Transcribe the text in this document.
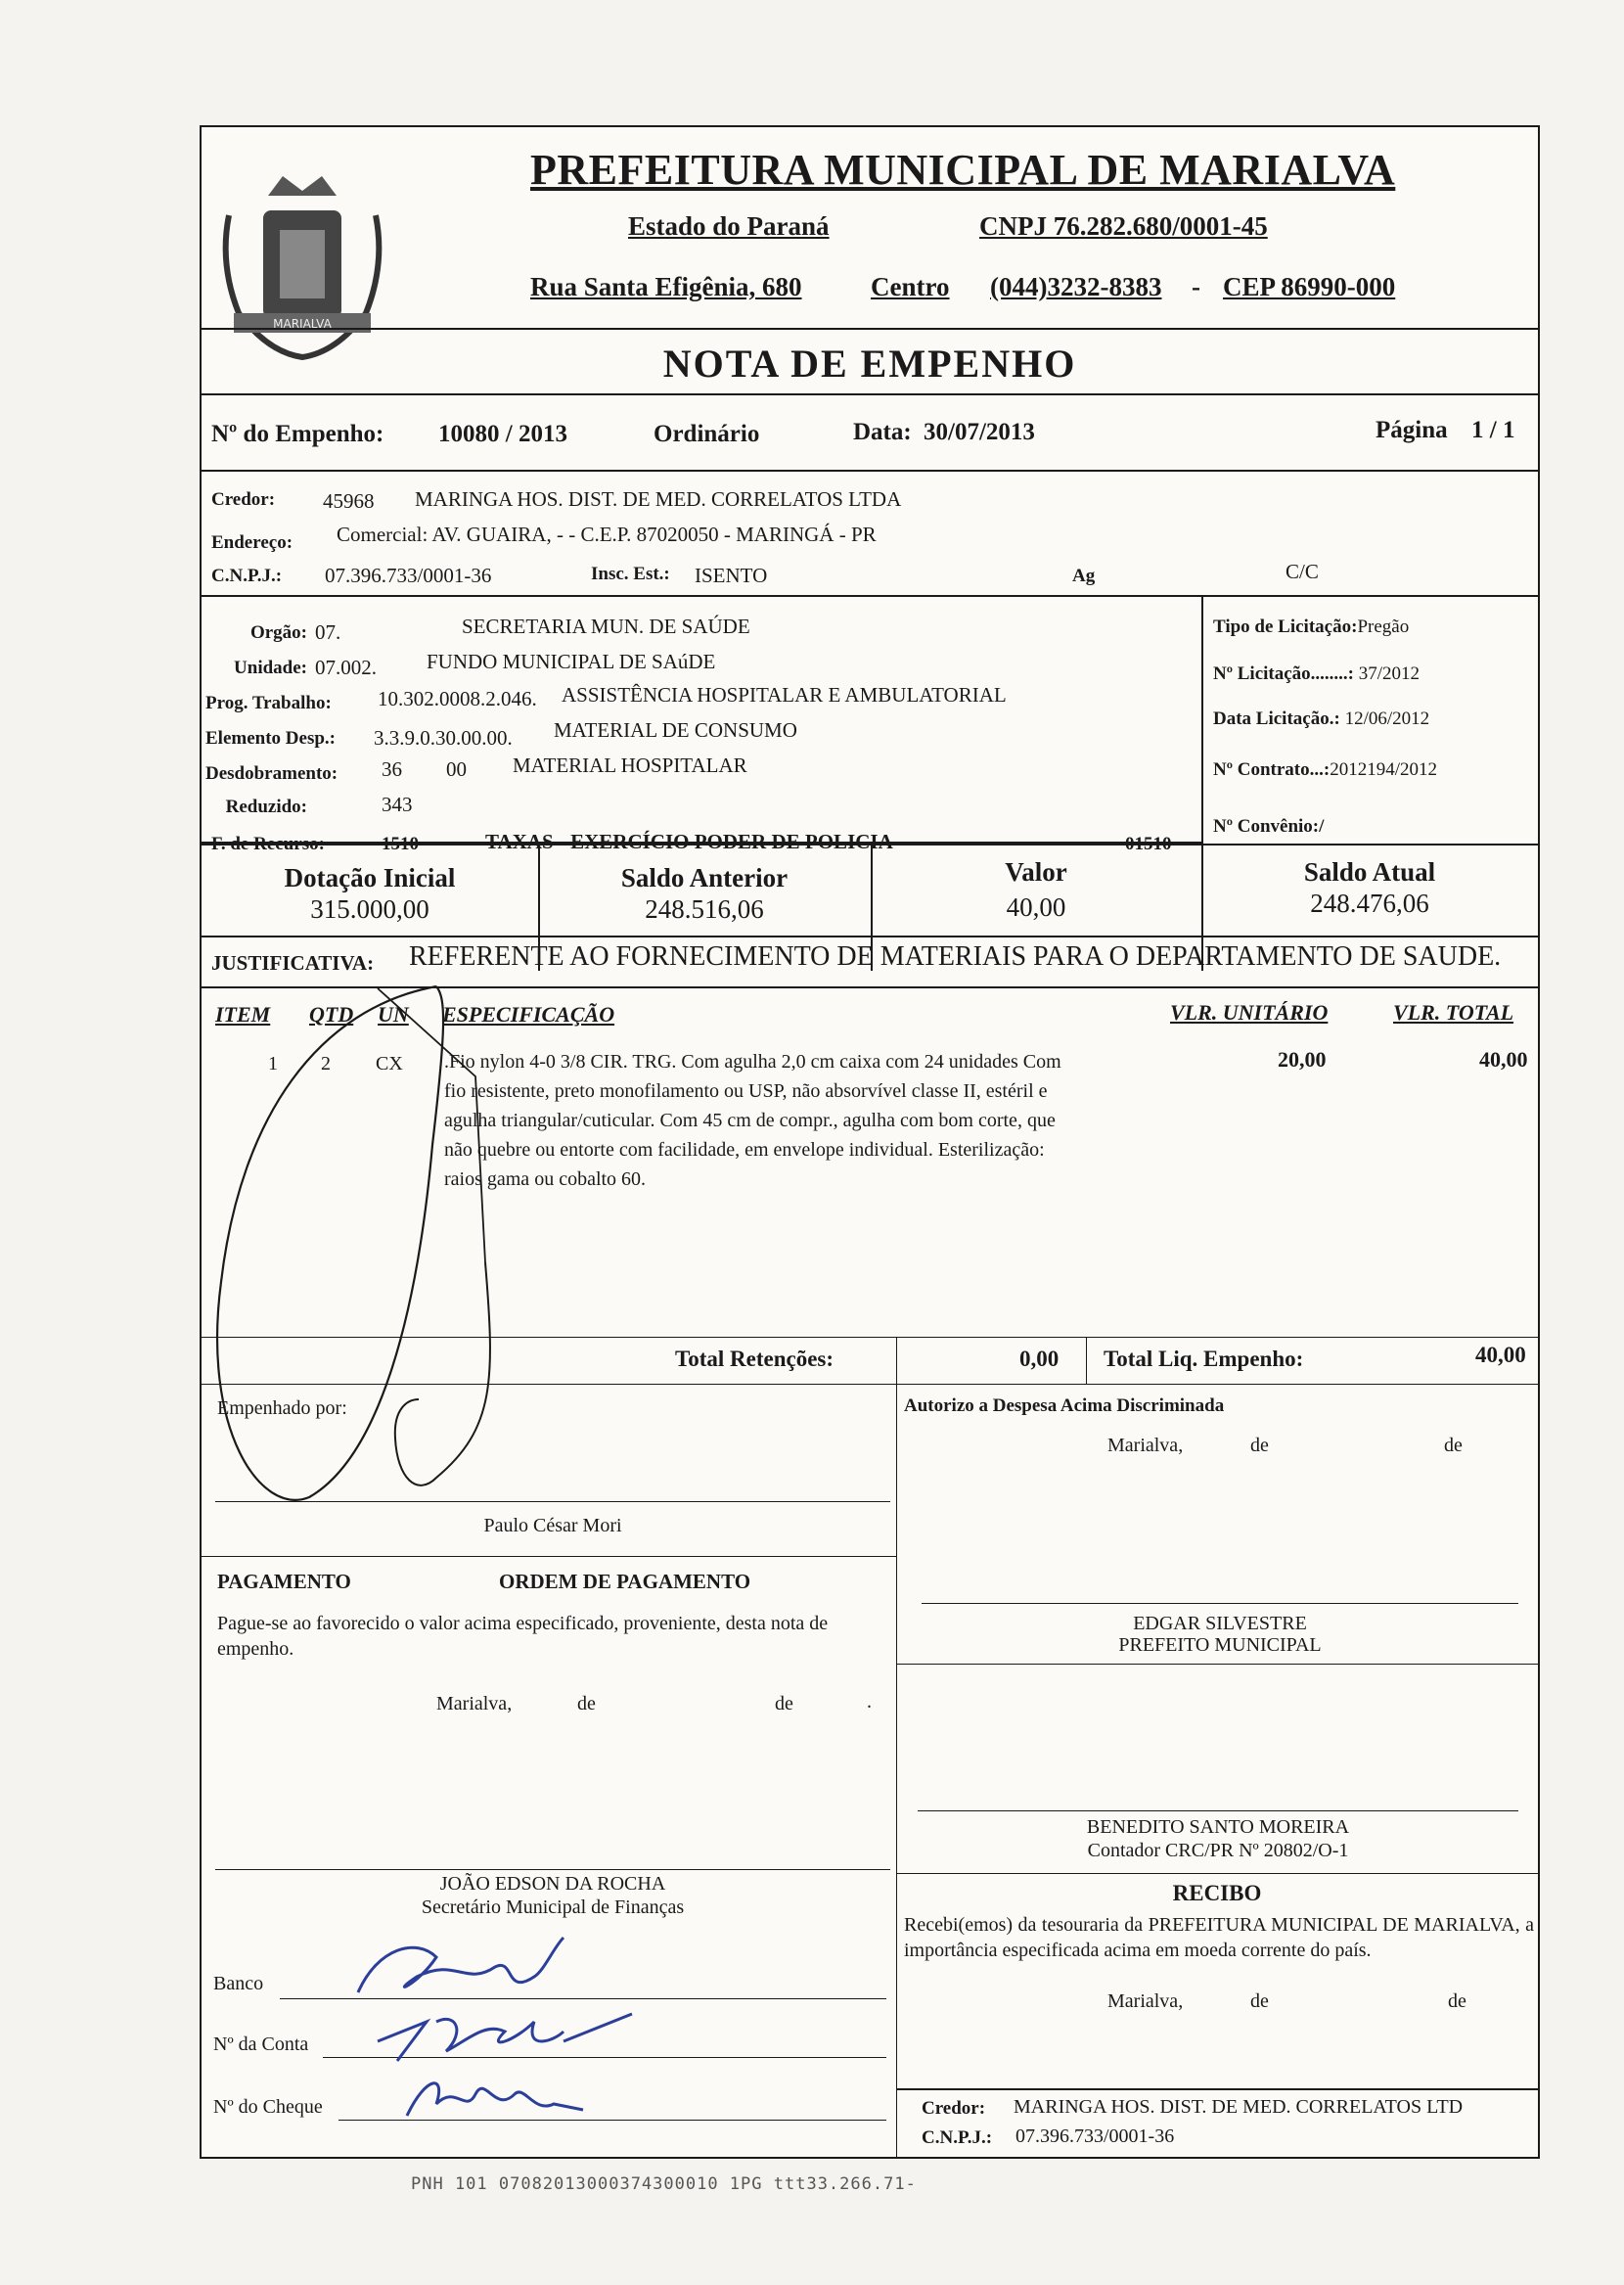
MARIALVA
PREFEITURA MUNICIPAL DE MARIALVA
Estado do Paraná	CNPJ 76.282.680/0001-45
Rua Santa Efigênia, 680	Centro (044)3232-8383 - CEP 86990-000
NOTA DE EMPENHO
Nº do Empenho: 10080 / 2013	Ordinário	Data: 30/07/2013	Página 1 / 1
Credor: 45968 MARINGA HOS. DIST. DE MED. CORRELATOS LTDA
Endereço: Comercial: AV. GUAIRA, - - C.E.P. 87020050 - MARINGÁ - PR
C.N.P.J.: 07.396.733/0001-36	Insc. Est.: ISENTO	Ag	C/C
Orgão: 07.	SECRETARIA MUN. DE SAÚDE
Unidade: 07.002. FUNDO MUNICIPAL DE SAúDE
Prog. Trabalho: 10.302.0008.2.046. ASSISTÊNCIA HOSPITALAR E AMBULATORIAL
Elemento Desp.: 3.3.9.0.30.00.00. MATERIAL DE CONSUMO
Desdobramento: 36 00 MATERIAL HOSPITALAR
Reduzido:	343
F. de Recurso:	1510	TAXAS - EXERCÍCIO PODER DE POLICIA	01510
Tipo de Licitação:Pregão
Nº Licitação........: 37/2012
Data Licitação.: 12/06/2012
Nº Contrato...:2012194/2012
Nº Convênio:/
Dotação Inicial
315.000,00
Saldo Anterior
248.516,06
Valor
40,00
Saldo Atual
248.476,06
JUSTIFICATIVA: REFERENTE AO FORNECIMENTO DE MATERIAIS PARA O DEPARTAMENTO DE SAUDE.
ITEM QTD UN ESPECIFICAÇÃO	VLR. UNITÁRIO	VLR. TOTAL
1 2 CX .Fio nylon 4-0 3/8 CIR. TRG. Com agulha 2,0 cm caixa com 24 unidades Com
fio resistente, preto monofilamento ou USP, não absorvível classe II, estéril e
agulha triangular/cuticular. Com 45 cm de compr., agulha com bom corte, que
não quebre ou entorte com facilidade, em envelope individual. Esterilização:
raios gama ou cobalto 60.
20,00	40,00
Total Retenções:	0,00 Total Liq. Empenho:	40,00
Empenhado por:
Paulo César Mori
Autorizo a Despesa Acima Discriminada
Marialva,	de	de
PAGAMENTO	ORDEM DE PAGAMENTO
Pague-se ao favorecido o valor acima especificado, proveniente, desta nota de empenho.
Marialva,	de	de	.
EDGAR SILVESTRE
PREFEITO MUNICIPAL
JOÃO EDSON DA ROCHA
Secretário Municipal de Finanças
BENEDITO SANTO MOREIRA
Contador CRC/PR Nº 20802/O-1
RECIBO
Recebi(emos) da tesouraria da PREFEITURA MUNICIPAL DE MARIALVA, a importância especificada acima em moeda corrente do país.
Marialva,	de	de
Banco
Nº da Conta
Nº do Cheque	Credor: MARINGA HOS. DIST. DE MED. CORRELATOS LTD
C.N.P.J.: 07.396.733/0001-36
PNH 101 07082013000374300010 1PG ttt33.266.71-
